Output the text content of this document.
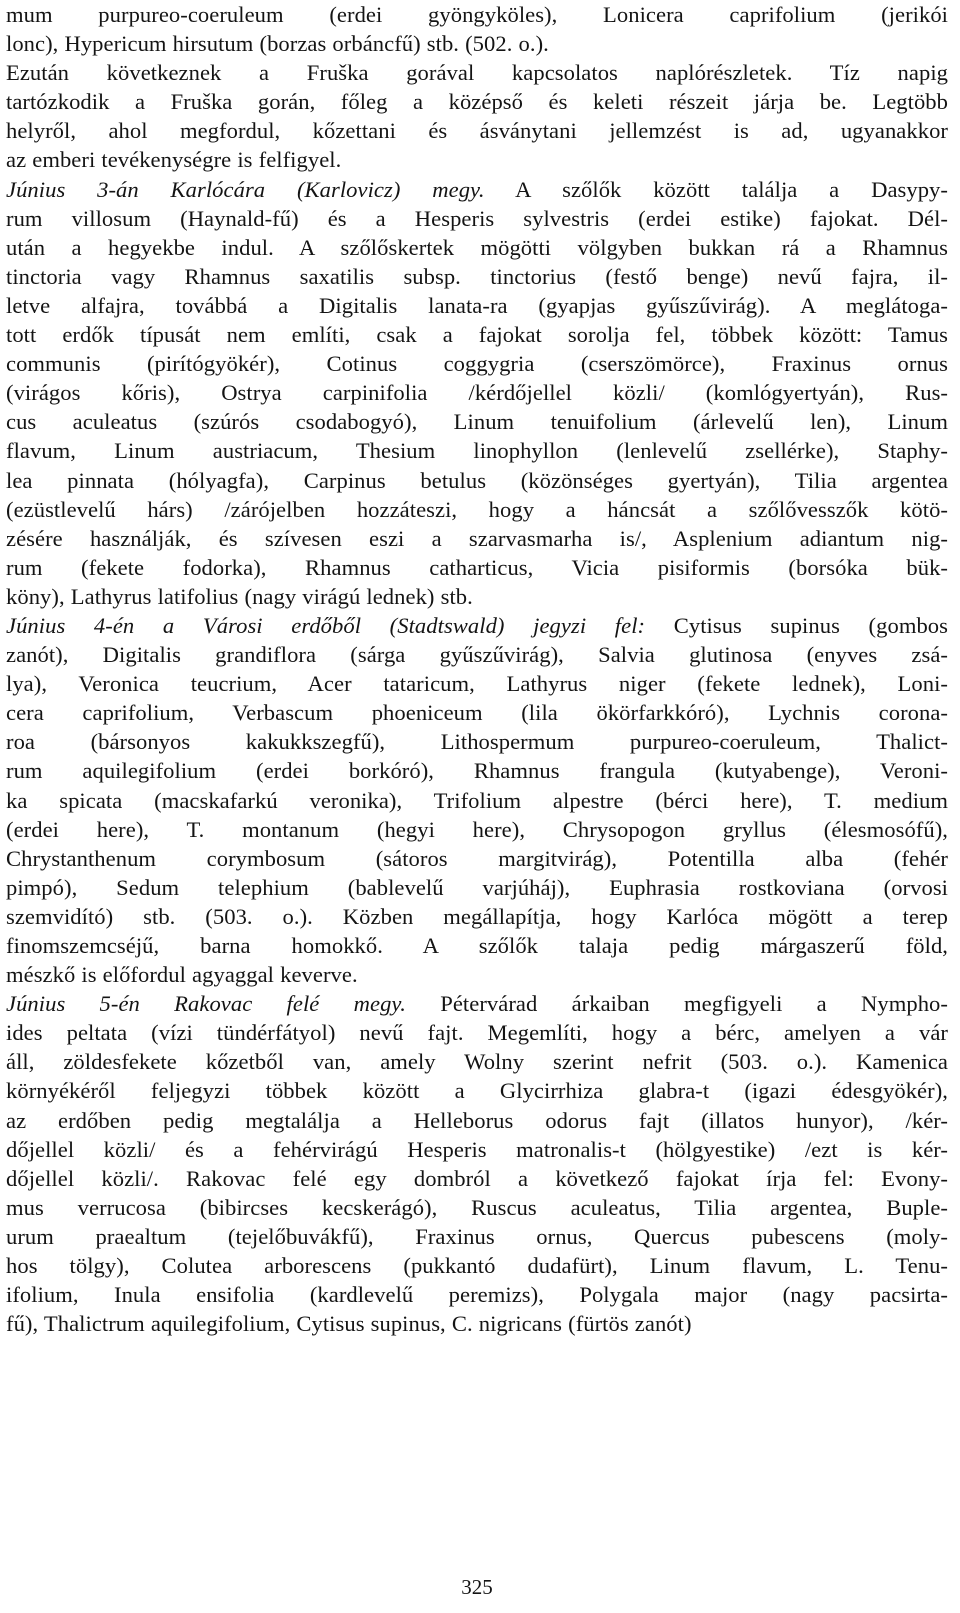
mum purpureo-coeruleum (erdei gyöngyköles), Lonicera caprifolium (jerikói
lonc), Hypericum hirsutum (borzas orbáncfű) stb. (502. o.).
Ezután következnek a Fruška gorával kapcsolatos naplórészletek. Tíz napig
tartózkodik a Fruška gorán, főleg a középső és keleti részeit járja be. Legtöbb
helyről, ahol megfordul, kőzettani és ásványtani jellemzést is ad, ugyanakkor
az emberi tevékenységre is felfigyel.
Június 3-án Karlócára (Karlovicz) megy. A szőlők között találja a Dasypy-
rum villosum (Haynald-fű) és a Hesperis sylvestris (erdei estike) fajokat. Dél-
után a hegyekbe indul. A szőlőskertek mögötti völgyben bukkan rá a Rhamnus
tinctoria vagy Rhamnus saxatilis subsp. tinctorius (festő benge) nevű fajra, il-
letve alfajra, továbbá a Digitalis lanata-ra (gyapjas gyűszűvirág). A meglátoga-
tott erdők típusát nem említi, csak a fajokat sorolja fel, többek között: Tamus
communis (pirítógyökér), Cotinus coggygria (cserszömörce), Fraxinus ornus
(virágos kőris), Ostrya carpinifolia /kérdőjellel közli/ (komlógyertyán), Rus-
cus aculeatus (szúrós csodabogyó), Linum tenuifolium (árlevelű len), Linum
flavum, Linum austriacum, Thesium linophyllon (lenlevelű zsellérke), Staphy-
lea pinnata (hólyagfa), Carpinus betulus (közönséges gyertyán), Tilia argentea
(ezüstlevelű hárs) /zárójelben hozzáteszi, hogy a háncsát a szőlővesszők kötö-
zésére használják, és szívesen eszi a szarvasmarha is/, Asplenium adiantum nig-
rum (fekete fodorka), Rhamnus catharticus, Vicia pisiformis (borsóka bük-
köny), Lathyrus latifolius (nagy virágú lednek) stb.
Június 4-én a Városi erdőből (Stadtswald) jegyzi fel: Cytisus supinus (gombos
zanót), Digitalis grandiflora (sárga gyűszűvirág), Salvia glutinosa (enyves zsá-
lya), Veronica teucrium, Acer tataricum, Lathyrus niger (fekete lednek), Loni-
cera caprifolium, Verbascum phoeniceum (lila ökörfarkkóró), Lychnis corona-
roa (bársonyos kakukkszegfű), Lithospermum purpureo-coeruleum, Thalict-
rum aquilegifolium (erdei borkóró), Rhamnus frangula (kutyabenge), Veroni-
ka spicata (macskafarkú veronika), Trifolium alpestre (bérci here), T. medium
(erdei here), T. montanum (hegyi here), Chrysopogon gryllus (élesmosófű),
Chrystanthenum corymbosum (sátoros margitvirág), Potentilla alba (fehér
pimpó), Sedum telephium (bablevelű varjúháj), Euphrasia rostkoviana (orvosi
szemvidító) stb. (503. o.). Közben megállapítja, hogy Karlóca mögött a terep
finomszemcséjű, barna homokkő. A szőlők talaja pedig márgaszerű föld,
mészkő is előfordul agyaggal keverve.
Június 5-én Rakovac felé megy. Pétervárad árkaiban megfigyeli a Nympho-
ides peltata (vízi tündérfátyol) nevű fajt. Megemlíti, hogy a bérc, amelyen a vár
áll, zöldesfekete kőzetből van, amely Wolny szerint nefrit (503. o.). Kamenica
környékéről feljegyzi többek között a Glycirrhiza glabra-t (igazi édesgyökér),
az erdőben pedig megtalálja a Helleborus odorus fajt (illatos hunyor), /kér-
dőjellel közli/ és a fehérvirágú Hesperis matronalis-t (hölgyestike) /ezt is kér-
dőjellel közli/. Rakovac felé egy dombról a következő fajokat írja fel: Evony-
mus verrucosa (bibircses kecskerágó), Ruscus aculeatus, Tilia argentea, Buple-
urum praealtum (tejelőbuvákfű), Fraxinus ornus, Quercus pubescens (moly-
hos tölgy), Colutea arborescens (pukkantó dudafürt), Linum flavum, L. Tenu-
ifolium, Inula ensifolia (kardlevelű peremizs), Polygala major (nagy pacsirta-
fű), Thalictrum aquilegifolium, Cytisus supinus, C. nigricans (fürtös zanót)
325
